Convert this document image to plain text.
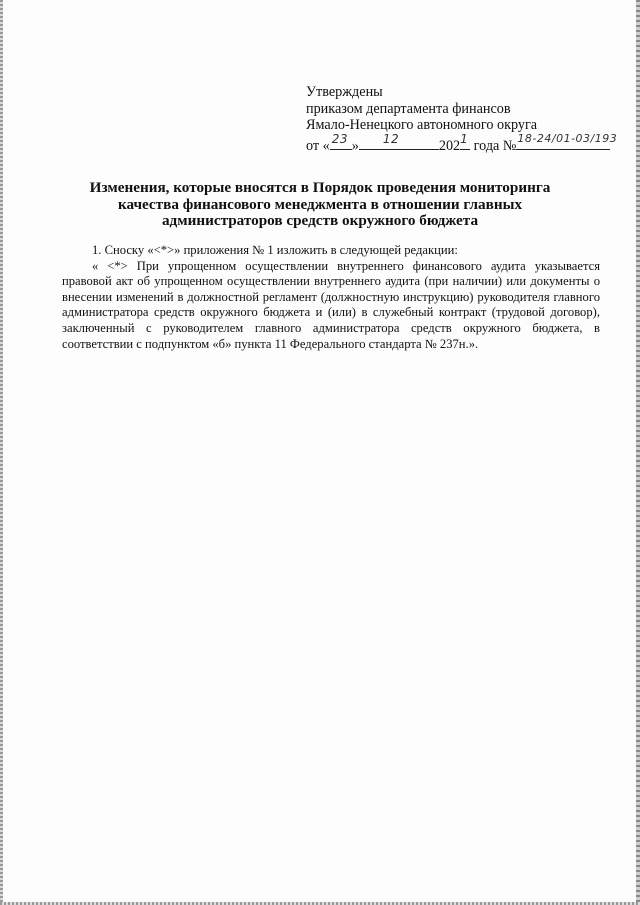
Утверждены
приказом департамента финансов
Ямало-Ненецкого автономного округа
от « 23 » 12	202 1 года № 18-24/01-03/193
Изменения, которые вносятся в Порядок проведения мониторинга качества финансового менеджмента в отношении главных администраторов средств окружного бюджета

1. Сноску «<*>» приложения № 1 изложить в следующей редакции:

« <*> При упрощенном осуществлении внутреннего финансового аудита указывается правовой акт об упрощенном осуществлении внутреннего аудита (при наличии) или документы о внесении изменений в должностной регламент (должностную инструкцию) руководителя главного администратора средств окружного бюджета и (или) в служебный контракт (трудовой договор), заключенный с руководителем главного администратора средств окружного бюджета, в соответствии с подпунктом «б» пункта 11 Федерального стандарта № 237н.».
